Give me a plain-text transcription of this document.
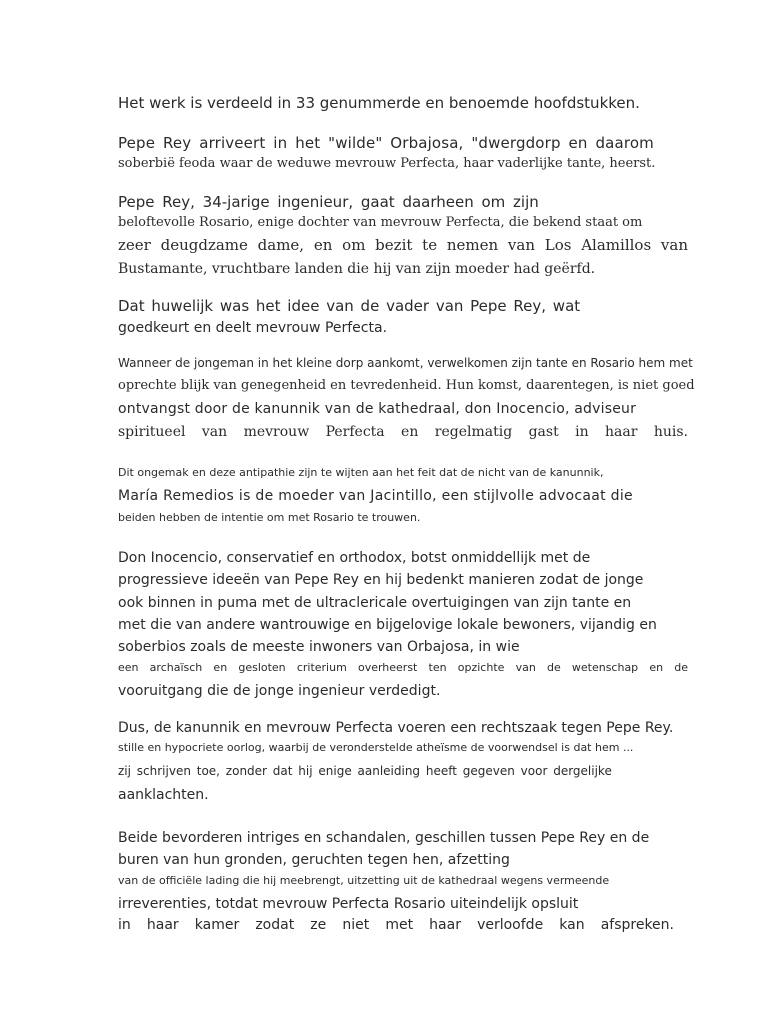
Het werk is verdeeld in 33 genummerde en benoemde hoofdstukken.
Pepe Rey arriveert in het "wilde" Orbajosa, "dwergdorp en daarom
soberbië feoda waar de weduwe mevrouw Perfecta, haar vaderlijke tante, heerst.
Pepe Rey, 34-jarige ingenieur, gaat daarheen om zijn
beloftevolle Rosario, enige dochter van mevrouw Perfecta, die bekend staat om
zeer deugdzame dame, en om bezit te nemen van Los Alamillos van
Bustamante, vruchtbare landen die hij van zijn moeder had geërfd.
Dat huwelijk was het idee van de vader van Pepe Rey, wat
goedkeurt en deelt mevrouw Perfecta.
Wanneer de jongeman in het kleine dorp aankomt, verwelkomen zijn tante en Rosario hem met
oprechte blijk van genegenheid en tevredenheid. Hun komst, daarentegen, is niet goed
ontvangst door de kanunnik van de kathedraal, don Inocencio, adviseur
spiritueel van mevrouw Perfecta en regelmatig gast in haar huis.
Dit ongemak en deze antipathie zijn te wijten aan het feit dat de nicht van de kanunnik,
María Remedios is de moeder van Jacintillo, een stijlvolle advocaat die
beiden hebben de intentie om met Rosario te trouwen.
Don Inocencio, conservatief en orthodox, botst onmiddellijk met de
progressieve ideeën van Pepe Rey en hij bedenkt manieren zodat de jonge
ook binnen in puma met de ultraclericale overtuigingen van zijn tante en
met die van andere wantrouwige en bijgelovige lokale bewoners, vijandig en
soberbios zoals de meeste inwoners van Orbajosa, in wie
een archaïsch en gesloten criterium overheerst ten opzichte van de wetenschap en de
vooruitgang die de jonge ingenieur verdedigt.
Dus, de kanunnik en mevrouw Perfecta voeren een rechtszaak tegen Pepe Rey.
stille en hypocriete oorlog, waarbij de veronderstelde atheïsme de voorwendsel is dat hem ...
zij schrijven toe, zonder dat hij enige aanleiding heeft gegeven voor dergelijke
aanklachten.
Beide bevorderen intriges en schandalen, geschillen tussen Pepe Rey en de
buren van hun gronden, geruchten tegen hen, afzetting
van de officiële lading die hij meebrengt, uitzetting uit de kathedraal wegens vermeende
irreverenties, totdat mevrouw Perfecta Rosario uiteindelijk opsluit
in haar kamer zodat ze niet met haar verloofde kan afspreken.
